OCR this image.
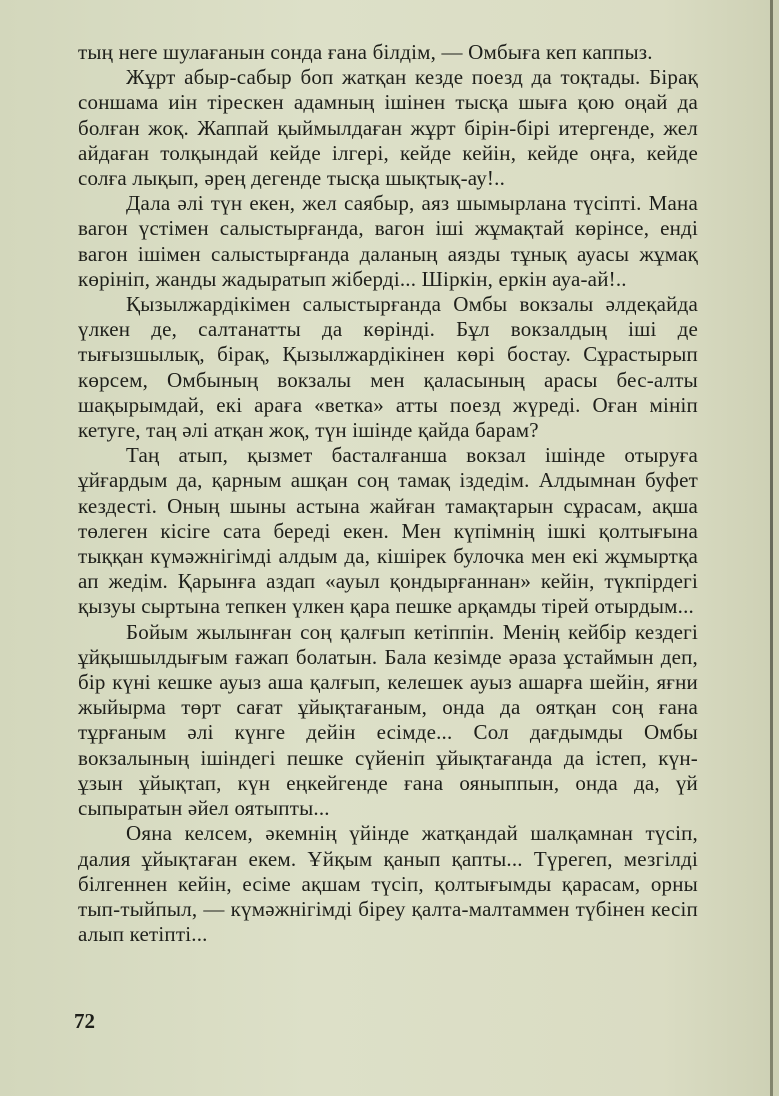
тың неге шулағанын сонда ғана білдім, — Омбыға кеп каппыз.

Жұрт абыр-сабыр боп жатқан кезде поезд да тоқтады. Бірақ соншама иін тірескен адамның ішінен тысқа шыға қою оңай да болған жоқ. Жаппай қыймылдаған жұрт бірін-бірі итергенде, жел айдаған толқындай кейде ілгері, кейде кейін, кейде оңға, кейде солға лықып, әрең дегенде тысқа шықтық-ау!..

Дала әлі түн екен, жел саябыр, аяз шымырлана түсіпті. Мана вагон үстімен салыстырғанда, вагон іші жұмақтай көрінсе, енді вагон ішімен салыстырғанда даланың аязды тұнық ауасы жұмақ көрініп, жанды жадыратып жіберді... Шіркін, еркін ауа-ай!..

Қызылжардікімен салыстырғанда Омбы вокзалы әлдеқайда үлкен де, салтанатты да көрінді. Бұл вокзалдың іші де тығызшылық, бірақ, Қызылжардікінен көрі бостау. Сұрастырып көрсем, Омбының вокзалы мен қаласының арасы бес-алты шақырымдай, екі араға «ветка» атты поезд жүреді. Оған мініп кетуге, таң әлі атқан жоқ, түн ішінде қайда барам?

Таң атып, қызмет басталғанша вокзал ішінде отыруға ұйғардым да, қарным ашқан соң тамақ іздедім. Алдымнан буфет кездесті. Оның шыны астына жайған тамақтарын сұрасам, ақша төлеген кісіге сата береді екен. Мен күпімнің ішкі қолтығына тыққан күмәжнігімді алдым да, кішірек булочка мен екі жұмыртқа ап жедім. Қарынға аздап «ауыл қондырғаннан» кейін, түкпірдегі қызуы сыртына тепкен үлкен қара пешке арқамды тірей отырдым...

Бойым жылынған соң қалғып кетіппін. Менің кейбір кездегі ұйқышылдығым ғажап болатын. Бала кезімде әраза ұстаймын деп, бір күні кешке ауыз аша қалғып, келешек ауыз ашарға шейін, яғни жыйырма төрт сағат ұйықтағаным, онда да оятқан соң ғана тұрғаным әлі күнге дейін есімде... Сол дағдымды Омбы вокзалының ішіндегі пешке сүйеніп ұйықтағанда да істеп, күн-ұзын ұйықтап, күн еңкейгенде ғана ояныппын, онда да, үй сыпыратын әйел оятыпты...

Ояна келсем, әкемнің үйінде жатқандай шалқамнан түсіп, далия ұйықтаған екем. Ұйқым қанып қапты... Түрегеп, мезгілді білгеннен кейін, есіме ақшам түсіп, қолтығымды қарасам, орны тып-тыйпыл, — күмәжнігімді біреу қалта-малтаммен түбінен кесіп алып кетіпті...

72
